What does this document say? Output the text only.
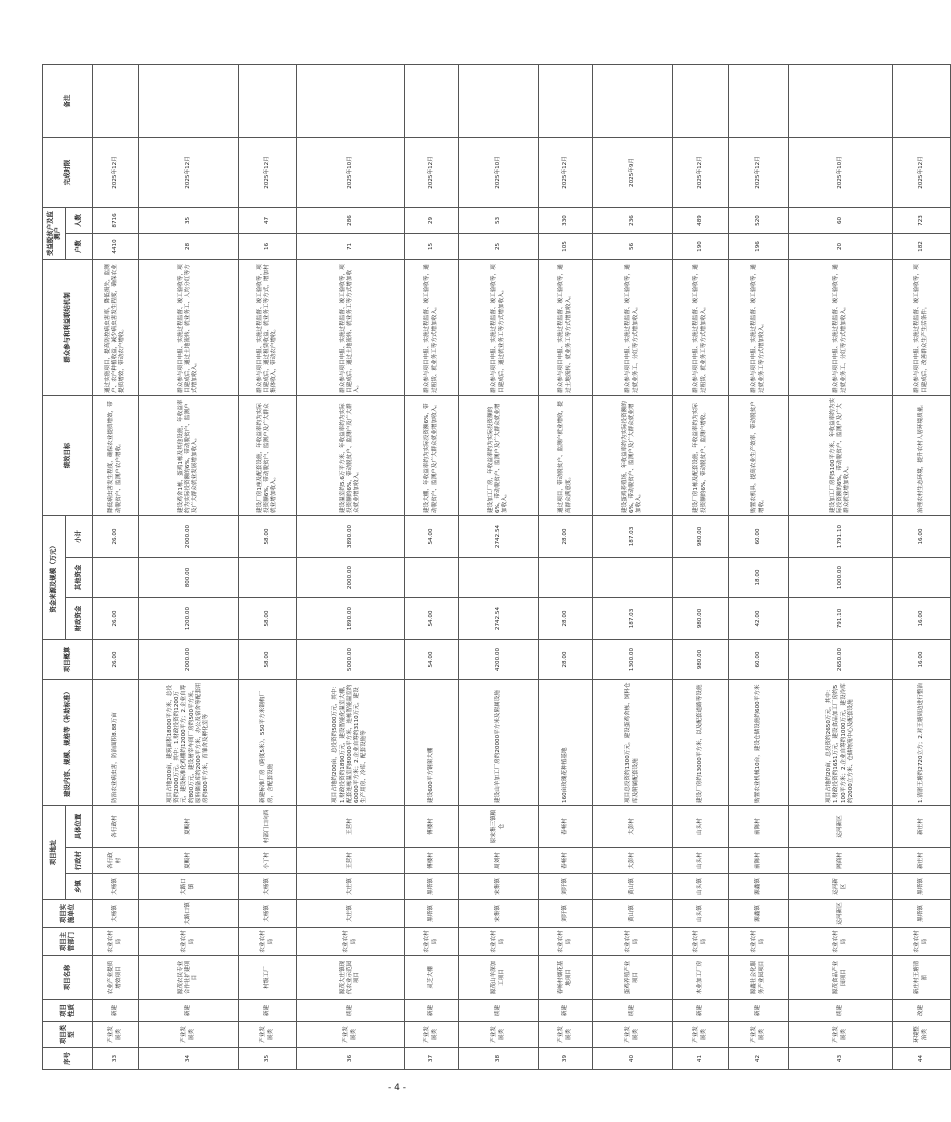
序号	项目类型	项目性质	项目名称	项目主管部门	项目实施单位	项目地址			建设内容、规模、规格等（补助标准）	项目概算	资金来源及规模（万元）			绩效目标	群众参与和利益联结机制	受益脱贫户及监测户		完成时限	备注
						乡镇	行政村	具体位置			财政资金	其他资金	小计			户数	人数		
33	产业发展类	新建	农业产业提质增效项目	农业农村局	大杨镇	大杨镇	各行政村	各行政村	防治农业病虫害，防治面积8.88万亩	26.00	26.00		26.00	降低病虫害发生程度，确保农业提质增效，带动脱贫户、监测户农户增收。	通过实施项目，提高防控病虫害率，降低损失，监测户、农户种植收益，减少病虫害发生程度，确保农业提质增效，带动农户增收。	4410	8716	2025年12月	
34	产业发展类	新建	源茂农民专业合作社扩建项目	农业农村局	大路口镇	大路口镇	夏畈村	夏畈村	项目占地200亩，建筑面积18000平方米，总投资约2000万元。其中：1.财政投资约1200万元，建设标准化鸡棚约12000平方；2.企业自筹约800万元，建设屠宰车间厂房约500平方米，原料储备库约2000平方米，办公及宿舍等配套用房约800平方米，育雏舍及孵化室等	2000.00	1200.00	800.00	2000.00	建设鸡舍1栋，蛋鸡1栋及其他设施，年收益率约为实际投资额的6%，带动脱贫户、监测户及广大群众就业发展增加收入。	群众参与项目申报、实施过程监督、竣工验收等，项目建成后，通过土地流转、就业务工、人均分红等方式增加收入。	28	35	2025年12月	
35	产业发展类	新建	村级工厂	农业农村局	大杨镇	大杨镇	小丁村	村部门口向西	新建标准厂房（跨度5米），550平方米钢构厂房，含配套设施	58.00	58.00		58.00	建设厂房1座及配套设施，年收益率约为实际投资额6%，带动脱贫户、监测户及广大群众就业增加收入。	群众参与项目申报、实施过程监督、竣工验收等，项目建成后，通过租赁收益、就业务工等方式，增加村集体收入，带动农户增收。	16	47	2025年12月	
36	产业发展类	续建	源茂大庄镇现代农业示范园项目	农业农村局	大庄镇	大庄镇	王营村	王营村	项目占地约200亩，总投资约5000万元，其中：1.财政投资约1890万元，建设智能化温室大棚，配套连栋温室约80000平方米，连栋智能温室约60000平方米；2.企业自筹约3110万元，建设生产用房、冷库、配套设施等	5000.00	1890.00	2000.00	3890.00	建设温室约5.6万平方米，年收益率约为实际投资额的6%，带动脱贫户、监测户及广大群众就业增加收入。	群众参与项目申报、实施过程监督、竣工验收等，项目建成后，通过土地流转、就业务工等方式增加收入。	71	286	2025年10月	
37	产业发展类	新建	灵芝大棚	农业农村局	黑塔镇	黑塔镇	傅楼村	傅楼村	建设600平方钢架大棚	54.00	54.00		54.00	建设大棚，年收益率约为实际投资额6%，带动脱贫户、监测户及广大群众就业增加收入。	群众参与项目申报、实施过程监督、竣工验收等，通过租赁、就业务工等方式增加收入。	15	29	2025年12月	
38	产业发展类	续建	源茂山羊深加工项目	农业农村局	宋集镇	宋集镇	周刘村	原宋集三镇粮仓	建设山羊加工厂房约20000平方米及附属设施	4200.00	2742.54		2742.54	建设加工厂房，年收益率约为实际投资额的6%，带动脱贫户、监测户及广大群众就业增加收入。	群众参与项目申报、实施过程监督、竣工验收等，项目建成后，通过就业务工等方式增加收入。	25	53	2025年10月	
39	产业发展类	新建	春畅村烟花基地项目	农业农村局	刘圩镇	刘圩镇	春畅村	春畅村	160亩玫瑰花种植基地	28.00	28.00		28.00	通过项目，带动脱贫户、监测户就业增收，提高群众满意度。	群众参与项目申报、实施过程监督、竣工验收等，通过土地流转、就业务工等方式增加收入。	105	330	2025年12月	
40	产业发展类	续建	蛋鸡养殖产业项目	农业农村局	黄山镇	黄山镇	大彭村	大彭村	项目总投资约1300万元，建设蛋鸡舍栋、饲料仓库及附属配套设施	1300.00	187.03		187.03	建设蛋鸡养殖场，年收益率约为实际投资额的6%，带动脱贫户、监测户及广大群众就业增加收入。	群众参与项目申报、实施过程监督、竣工验收等，通过就业务工、分红等方式增加收入。	56	236	2025年9月	
41	产业发展类	新建	木业加工厂房	农业农村局	山头镇	山头镇	山头村	山头村	建设厂房约13000平方米，以及配套道路等设施	980.00	980.00		980.00	建设厂房1栋及配套设施，年收益率约为实际投资额的6%，带动脱贫户、监测户增收。	群众参与项目申报、实施过程监督、竣工验收等，通过租赁、就业务工等方式增加收入。	190	489	2025年12月	
42	产业发展类	新建	源鑫社会化服务产业园项目	农业农村局	源鑫镇	源鑫镇	前陈村	前陈村	购置农业机械10台，建设仓储设施约600平方米	60.00	42.00	18.00	60.00	购置农机具，提高农业生产效率，带动脱贫户增收。	群众参与项目申报、实施过程监督、竣工验收等，通过就业务工等方式增加收入。	196	520	2025年12月	
43	产业发展类	续建	源茂食品产业园项目	农业农村局	运河新区	运河新区	网商村	运河新区	项目占地约20亩，总投资约2650万元，其中：1.财政投资约1651万元，建设食品加工厂房约5100平方米；2.企业自筹约1000万元，建设冷库约2000立方米、仓储物流中心及配套设施	2650.00	791.10	1000.00	1791.10	建设加工厂房约5100平方米，年收益率约为实际投资额的6%，带动脱贫户、监测户及广大群众就业增加收入。	群众参与项目申报、实施过程监督、竣工验收等，通过就业务工、分红等方式增加收入。	20	60	2025年10月	
44	环境整治类	改建	新庄村王塘清淤	农业农村局	黑塔镇	黑塔镇	新庄村	新庄村	1.清淤王塘约2720立方；2.对王塘周边进行整治	16.00	16.00		16.00	治理农村生态环境，提升农村人居环境质量。	群众参与项目申报、实施过程监督、竣工验收等，项目建成后，改善群众生产生活条件。	182	723	2025年12月	
- 4 -
